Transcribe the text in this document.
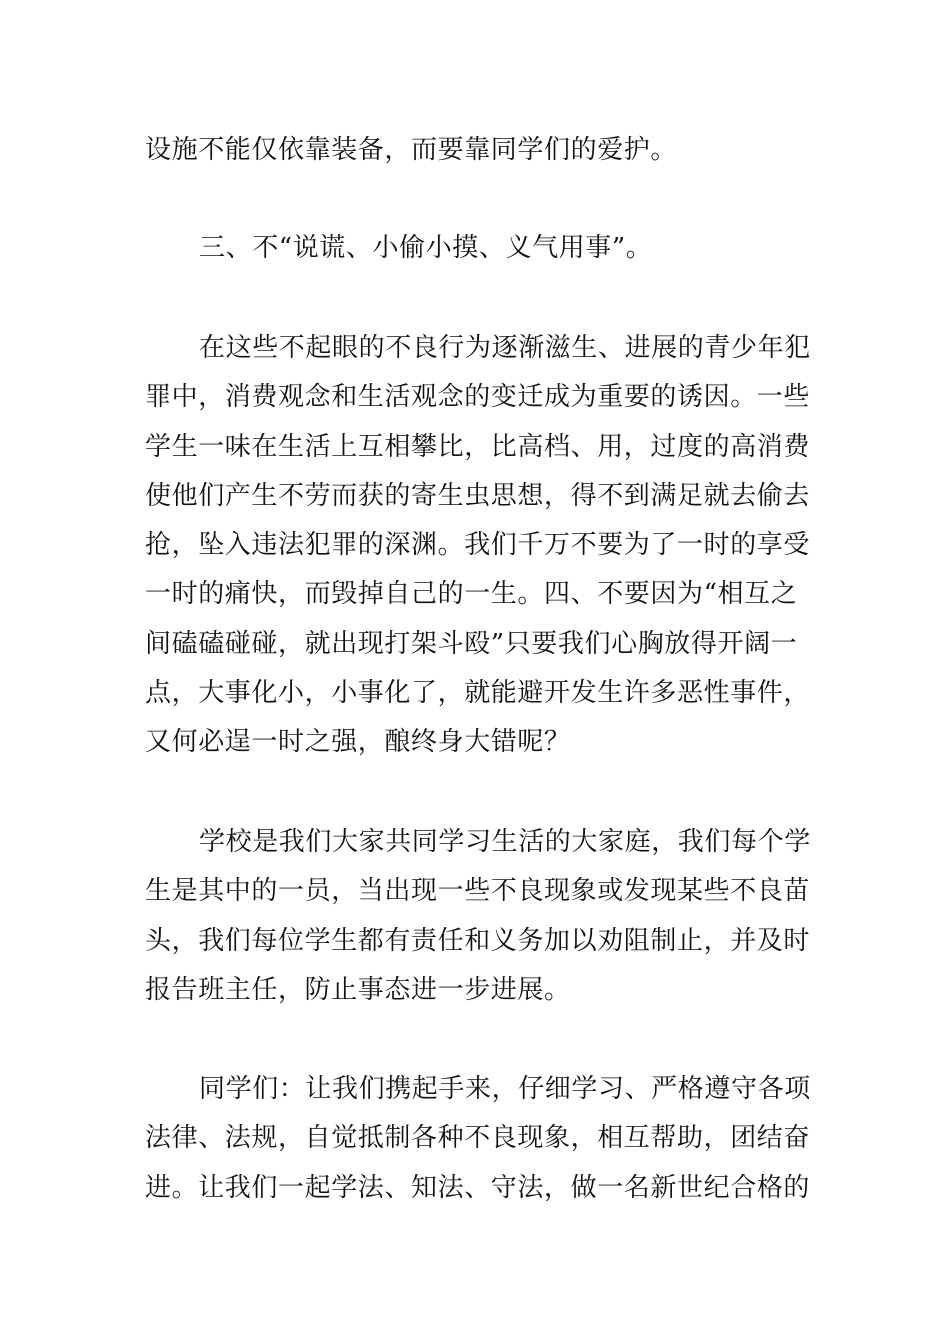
设施不能仅依靠装备，而要靠同学们的爱护。

三、不“说谎、小偷小摸、义气用事”。

在这些不起眼的不良行为逐渐滋生、进展的青少年犯
罪中，消费观念和生活观念的变迁成为重要的诱因。一些
学生一味在生活上互相攀比，比高档、用，过度的高消费
使他们产生不劳而获的寄生虫思想，得不到满足就去偷去
抢，坠入违法犯罪的深渊。我们千万不要为了一时的享受
一时的痛快，而毁掉自己的一生。四、不要因为“相互之
间磕磕碰碰，就出现打架斗殴”只要我们心胸放得开阔一
点，大事化小，小事化了，就能避开发生许多恶性事件，
又何必逞一时之强，酿终身大错呢？

学校是我们大家共同学习生活的大家庭，我们每个学
生是其中的一员，当出现一些不良现象或发现某些不良苗
头，我们每位学生都有责任和义务加以劝阻制止，并及时
报告班主任，防止事态进一步进展。

同学们：让我们携起手来，仔细学习、严格遵守各项
法律、法规，自觉抵制各种不良现象，相互帮助，团结奋
进。让我们一起学法、知法、守法，做一名新世纪合格的
